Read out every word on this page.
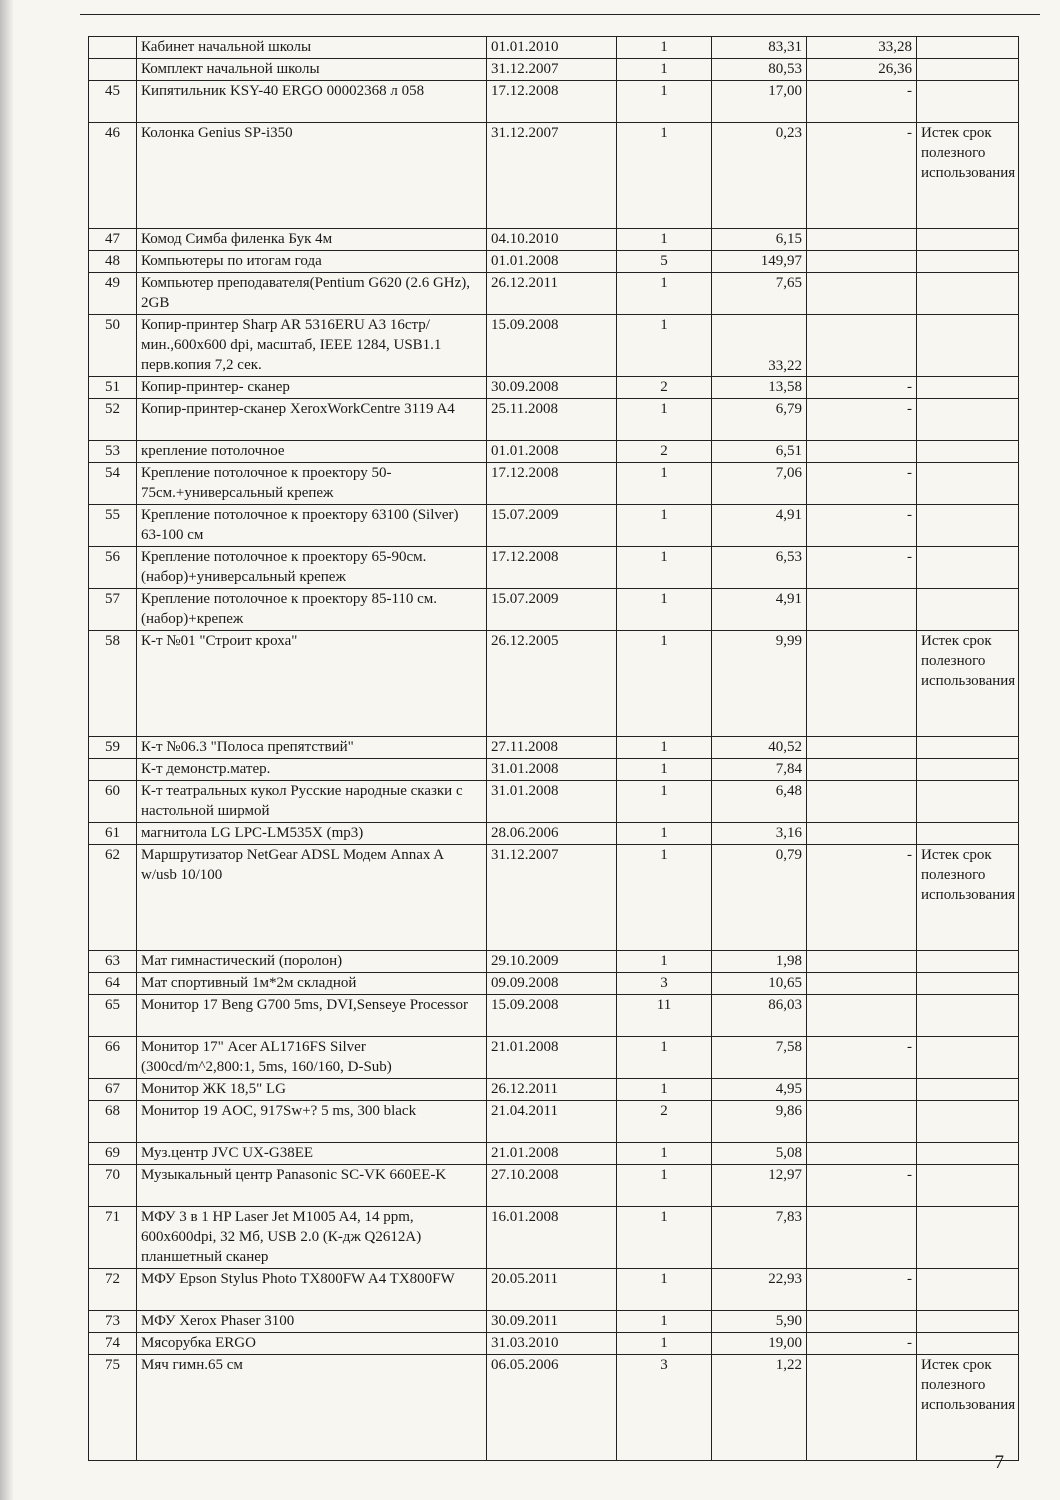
	Кабинет начальной школы	01.01.2010	1	83,31	33,28	
	Комплект начальной школы	31.12.2007	1	80,53	26,36	
45	Кипятильник KSY-40 ERGO 00002368 л 058	17.12.2008	1	17,00	-	
46	Колонка Genius SP-i350	31.12.2007	1	0,23	-	Истек срок полезного использования
47	Комод Симба филенка Бук 4м	04.10.2010	1	6,15		
48	Компьютеры по итогам года	01.01.2008	5	149,97		
49	Компьютер преподавателя(Pentium G620 (2.6 GHz), 2GB	26.12.2011	1	7,65		
50	Копир-принтер Sharp AR 5316ERU A3 16стр/мин.,600x600 dpi, масштаб, IEEE 1284, USB1.1 перв.копия 7,2 сек.	15.09.2008	1	33,22		
51	Копир-принтер- сканер	30.09.2008	2	13,58	-	
52	Копир-принтер-сканер XeroxWorkCentre 3119 A4	25.11.2008	1	6,79	-	
53	крепление потолочное	01.01.2008	2	6,51		
54	Крепление потолочное к проектору 50-75см.+универсальный крепеж	17.12.2008	1	7,06	-	
55	Крепление потолочное к проектору 63100 (Silver) 63-100 см	15.07.2009	1	4,91	-	
56	Крепление потолочное к проектору 65-90см.(набор)+универсальный крепеж	17.12.2008	1	6,53	-	
57	Крепление потолочное к проектору 85-110 см. (набор)+крепеж	15.07.2009	1	4,91		
58	К-т №01 "Строит кроха"	26.12.2005	1	9,99		Истек срок полезного использования
59	К-т №06.3 "Полоса препятствий"	27.11.2008	1	40,52		
	К-т демонстр.матер.	31.01.2008	1	7,84		
60	К-т театральных кукол Русские народные сказки с настольной ширмой	31.01.2008	1	6,48		
61	магнитола LG LPC-LM535X (mp3)	28.06.2006	1	3,16		
62	Маршрутизатор NetGear ADSL Модем Annax A w/usb 10/100	31.12.2007	1	0,79	-	Истек срок полезного использования
63	Мат гимнастический (поролон)	29.10.2009	1	1,98		
64	Мат спортивный 1м*2м складной	09.09.2008	3	10,65		
65	Монитор 17 Beng G700 5ms, DVI,Senseye Processor	15.09.2008	11	86,03		
66	Монитор 17" Acer AL1716FS Silver (300cd/m^2,800:1, 5ms, 160/160, D-Sub)	21.01.2008	1	7,58	-	
67	Монитор ЖК 18,5" LG	26.12.2011	1	4,95		
68	Монитор 19 AOC, 917Sw+? 5 ms, 300 black	21.04.2011	2	9,86		
69	Муз.центр JVC UX-G38EE	21.01.2008	1	5,08		
70	Музыкальный центр Panasonic SC-VK 660EE-K	27.10.2008	1	12,97	-	
71	МФУ 3 в 1 HP Laser Jet M1005 A4, 14 ppm, 600x600dpi, 32 Мб, USB 2.0 (К-дж Q2612A) планшетный сканер	16.01.2008	1	7,83		
72	МФУ Epson Stylus Photo TX800FW A4 TX800FW	20.05.2011	1	22,93	-	
73	МФУ Xerox Phaser 3100	30.09.2011	1	5,90		
74	Мясорубка ERGO	31.03.2010	1	19,00	-	
75	Мяч гимн.65 см	06.05.2006	3	1,22		Истек срок полезного использования
7
